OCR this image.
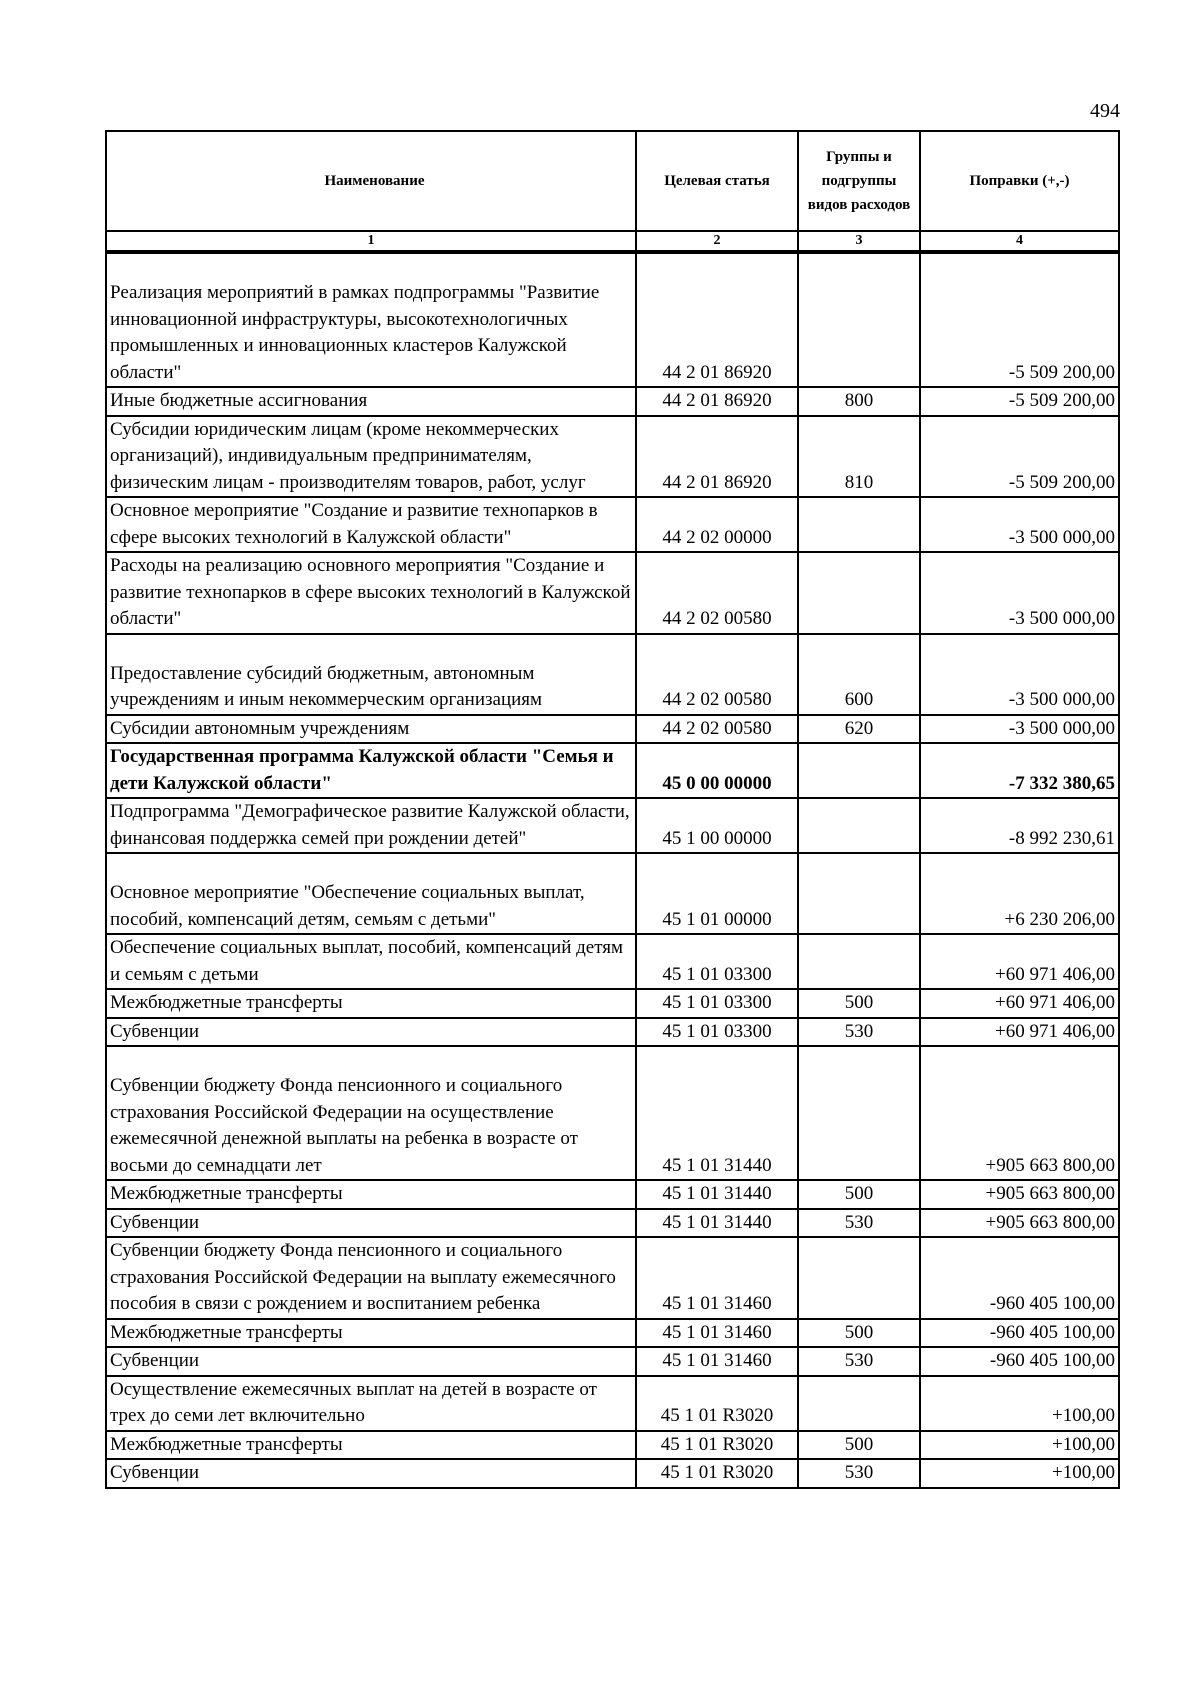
494
Наименование	Целевая статья	Группы и подгруппы видов расходов	Поправки (+,-)
1	2	3	4

Реализация мероприятий в рамках подпрограммы "Развитие инновационной инфраструктуры, высокотехнологичных промышленных и инновационных кластеров Калужской области"	44 2 01 86920		-5 509 200,00
Иные бюджетные ассигнования	44 2 01 86920	800	-5 509 200,00
Субсидии юридическим лицам (кроме некоммерческих организаций), индивидуальным предпринимателям, физическим лицам - производителям товаров, работ, услуг	44 2 01 86920	810	-5 509 200,00
Основное мероприятие "Создание и развитие технопарков в сфере высоких технологий в Калужской области"	44 2 02 00000		-3 500 000,00
Расходы на реализацию основного мероприятия "Создание и развитие технопарков в сфере высоких технологий в Калужской области"	44 2 02 00580		-3 500 000,00

Предоставление субсидий бюджетным, автономным учреждениям и иным некоммерческим организациям	44 2 02 00580	600	-3 500 000,00
Субсидии автономным учреждениям	44 2 02 00580	620	-3 500 000,00
Государственная программа Калужской области "Семья и дети Калужской области"	45 0 00 00000		-7 332 380,65
Подпрограмма "Демографическое развитие Калужской области, финансовая поддержка семей при рождении детей"	45 1 00 00000		-8 992 230,61

Основное мероприятие "Обеспечение социальных выплат, пособий, компенсаций детям, семьям с детьми"	45 1 01 00000		+6 230 206,00
Обеспечение социальных выплат, пособий, компенсаций детям и семьям с детьми	45 1 01 03300		+60 971 406,00
Межбюджетные трансферты	45 1 01 03300	500	+60 971 406,00
Субвенции	45 1 01 03300	530	+60 971 406,00

Субвенции бюджету Фонда пенсионного и социального страхования Российской Федерации на осуществление ежемесячной денежной выплаты на ребенка в возрасте от восьми до семнадцати лет	45 1 01 31440		+905 663 800,00
Межбюджетные трансферты	45 1 01 31440	500	+905 663 800,00
Субвенции	45 1 01 31440	530	+905 663 800,00
Субвенции бюджету Фонда пенсионного и социального страхования Российской Федерации на выплату ежемесячного пособия в связи с рождением и воспитанием ребенка	45 1 01 31460		-960 405 100,00
Межбюджетные трансферты	45 1 01 31460	500	-960 405 100,00
Субвенции	45 1 01 31460	530	-960 405 100,00
Осуществление ежемесячных выплат на детей в возрасте от трех до семи лет включительно	45 1 01 R3020		+100,00
Межбюджетные трансферты	45 1 01 R3020	500	+100,00
Субвенции	45 1 01 R3020	530	+100,00
